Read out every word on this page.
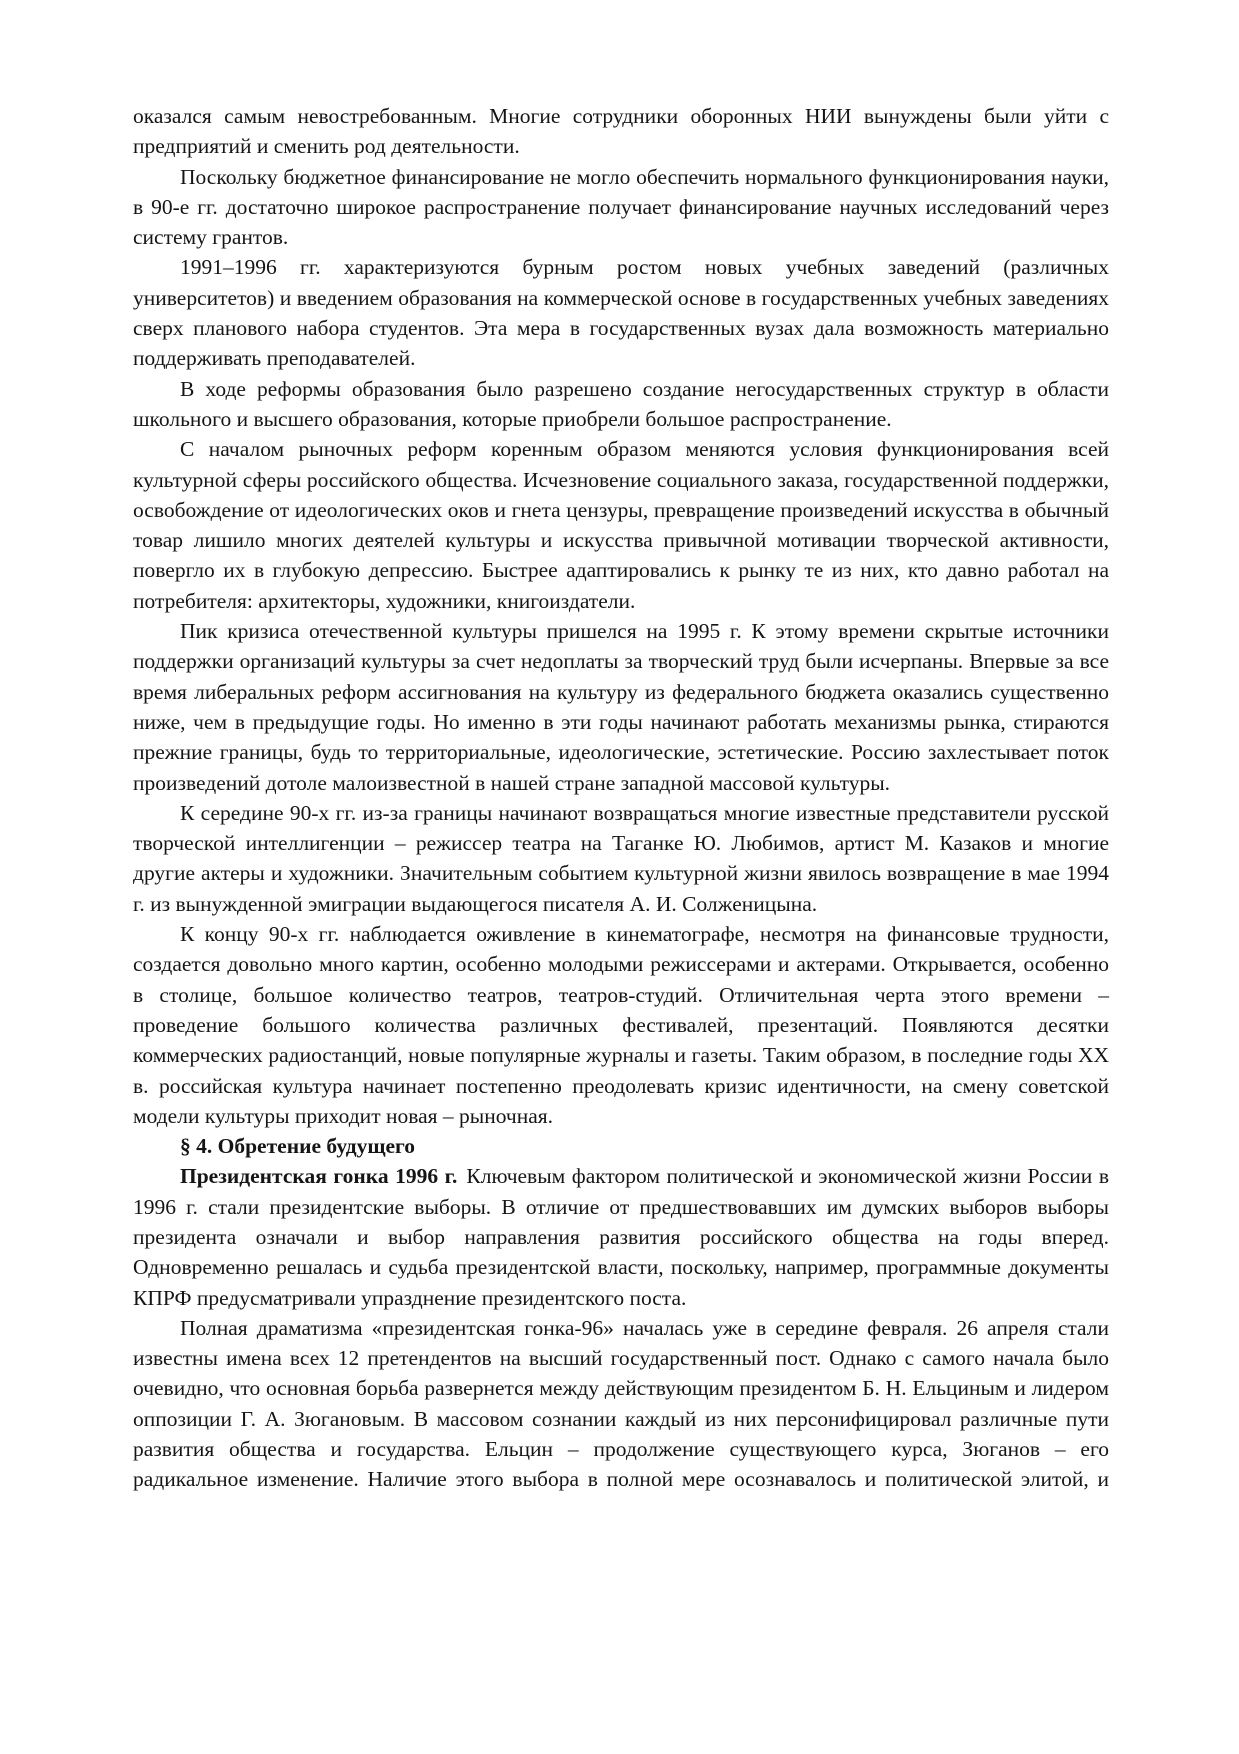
оказался самым невостребованным. Многие сотрудники оборонных НИИ вынуждены были уйти с предприятий и сменить род деятельности.

Поскольку бюджетное финансирование не могло обеспечить нормального функционирования науки, в 90-е гг. достаточно широкое распространение получает финансирование научных исследований через систему грантов.

1991–1996 гг. характеризуются бурным ростом новых учебных заведений (различных университетов) и введением образования на коммерческой основе в государственных учебных заведениях сверх планового набора студентов. Эта мера в государственных вузах дала возможность материально поддерживать преподавателей.

В ходе реформы образования было разрешено создание негосударственных структур в области школьного и высшего образования, которые приобрели большое распространение.

С началом рыночных реформ коренным образом меняются условия функционирования всей культурной сферы российского общества. Исчезновение социального заказа, государственной поддержки, освобождение от идеологических оков и гнета цензуры, превращение произведений искусства в обычный товар лишило многих деятелей культуры и искусства привычной мотивации творческой активности, повергло их в глубокую депрессию. Быстрее адаптировались к рынку те из них, кто давно работал на потребителя: архитекторы, художники, книгоиздатели.

Пик кризиса отечественной культуры пришелся на 1995 г. К этому времени скрытые источники поддержки организаций культуры за счет недоплаты за творческий труд были исчерпаны. Впервые за все время либеральных реформ ассигнования на культуру из федерального бюджета оказались существенно ниже, чем в предыдущие годы. Но именно в эти годы начинают работать механизмы рынка, стираются прежние границы, будь то территориальные, идеологические, эстетические. Россию захлестывает поток произведений дотоле малоизвестной в нашей стране западной массовой культуры.

К середине 90-х гг. из-за границы начинают возвращаться многие известные представители русской творческой интеллигенции – режиссер театра на Таганке Ю. Любимов, артист М. Казаков и многие другие актеры и художники. Значительным событием культурной жизни явилось возвращение в мае 1994 г. из вынужденной эмиграции выдающегося писателя А. И. Солженицына.

К концу 90-х гг. наблюдается оживление в кинематографе, несмотря на финансовые трудности, создается довольно много картин, особенно молодыми режиссерами и актерами. Открывается, особенно в столице, большое количество театров, театров-студий. Отличительная черта этого времени – проведение большого количества различных фестивалей, презентаций. Появляются десятки коммерческих радиостанций, новые популярные журналы и газеты. Таким образом, в последние годы XX в. российская культура начинает постепенно преодолевать кризис идентичности, на смену советской модели культуры приходит новая – рыночная.

§ 4. Обретение будущего

Президентская гонка 1996 г. Ключевым фактором политической и экономической жизни России в 1996 г. стали президентские выборы. В отличие от предшествовавших им думских выборов выборы президента означали и выбор направления развития российского общества на годы вперед. Одновременно решалась и судьба президентской власти, поскольку, например, программные документы КПРФ предусматривали упразднение президентского поста.

Полная драматизма «президентская гонка-96» началась уже в середине февраля. 26 апреля стали известны имена всех 12 претендентов на высший государственный пост. Однако с самого начала было очевидно, что основная борьба развернется между действующим президентом Б. Н. Ельциным и лидером оппозиции Г. А. Зюгановым. В массовом сознании каждый из них персонифицировал различные пути развития общества и государства. Ельцин – продолжение существующего курса, Зюганов – его радикальное изменение. Наличие этого выбора в полной мере осознавалось и политической элитой, и
